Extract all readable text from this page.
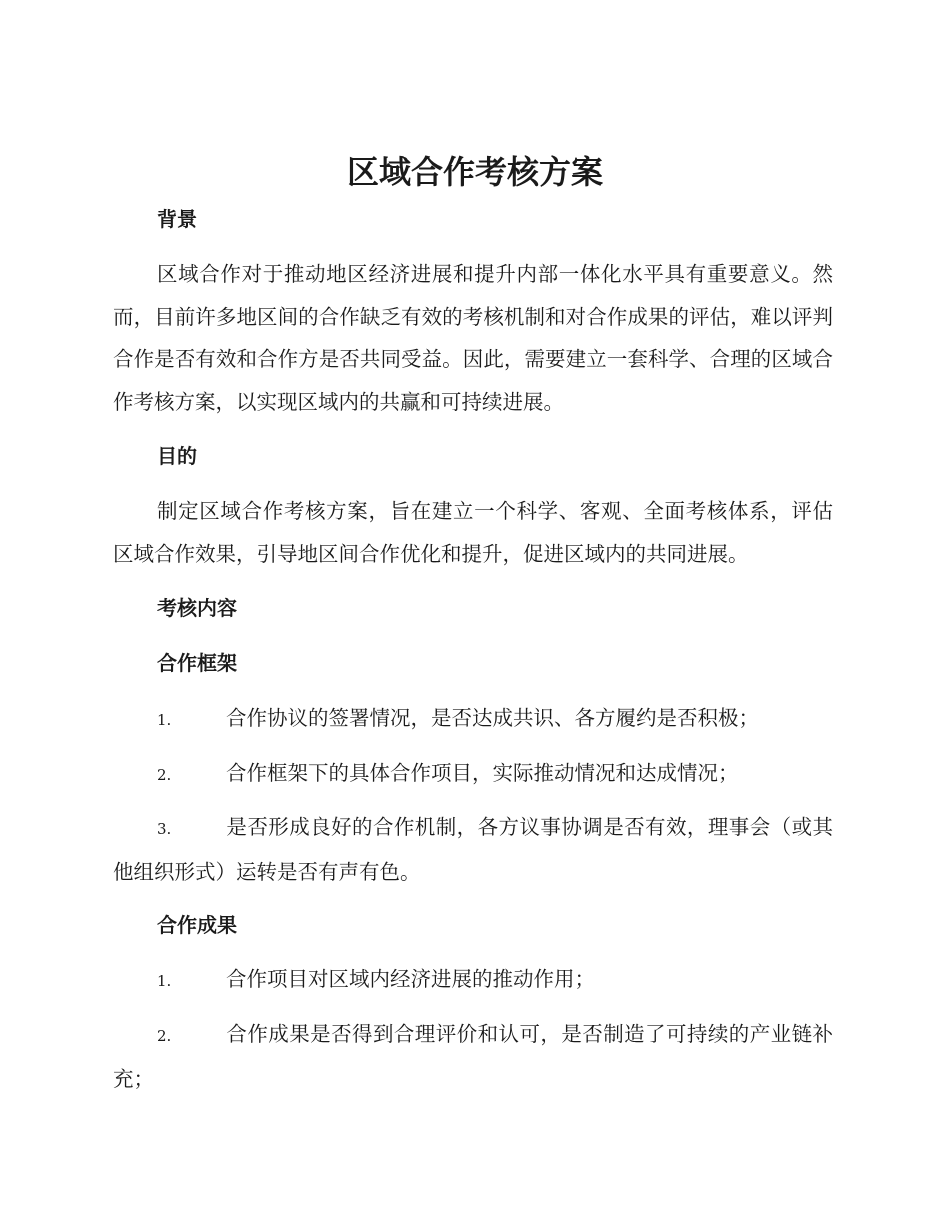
区域合作考核方案
背景

区域合作对于推动地区经济进展和提升内部一体化水平具有重要意义。然而，目前许多地区间的合作缺乏有效的考核机制和对合作成果的评估，难以评判合作是否有效和合作方是否共同受益。因此，需要建立一套科学、合理的区域合作考核方案，以实现区域内的共赢和可持续进展。

目的

制定区域合作考核方案，旨在建立一个科学、客观、全面考核体系，评估区域合作效果，引导地区间合作优化和提升，促进区域内的共同进展。

考核内容
合作框架

1.	合作协议的签署情况，是否达成共识、各方履约是否积极；

2.	合作框架下的具体合作项目，实际推动情况和达成情况；

3.	是否形成良好的合作机制，各方议事协调是否有效，理事会（或其他组织形式）运转是否有声有色。

合作成果

1.	合作项目对区域内经济进展的推动作用；

2.	合作成果是否得到合理评价和认可，是否制造了可持续的产业链补充；
